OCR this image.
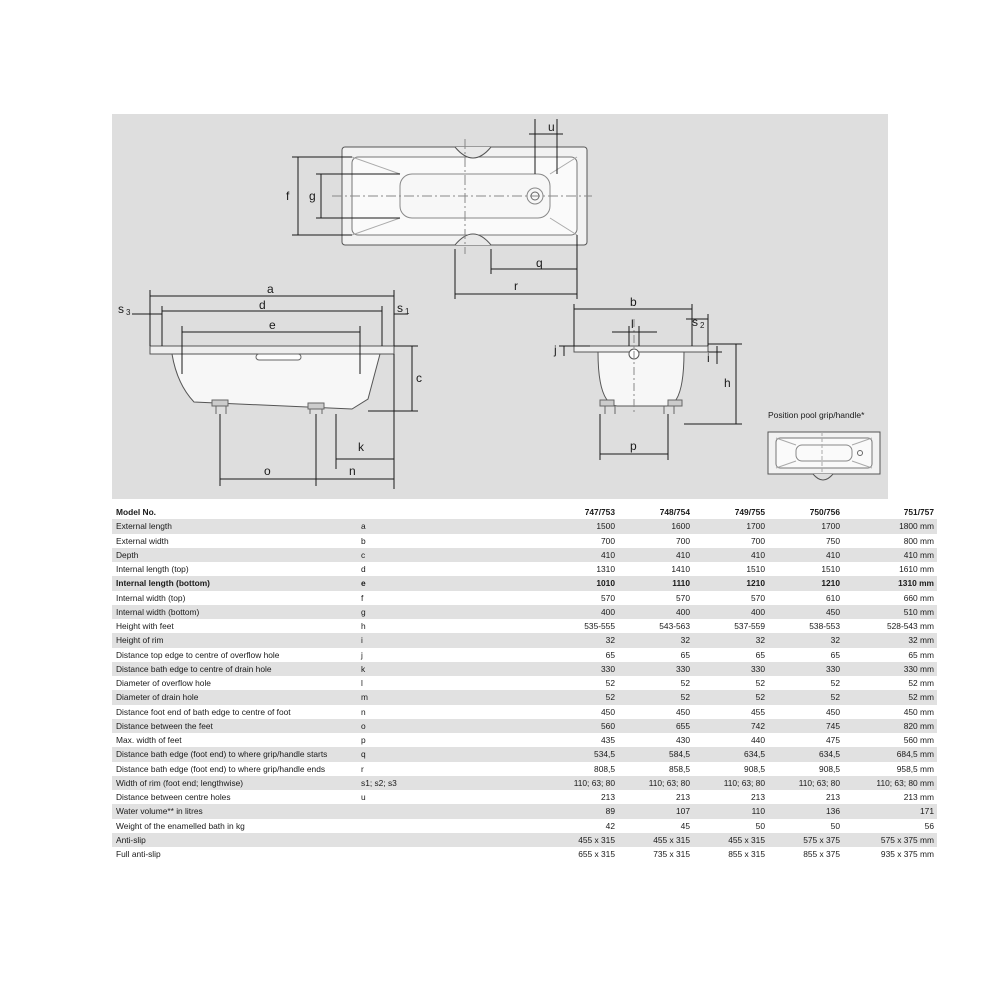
u
f g
q
r
a
d
e
s 3	s 1
c
k
o	n
b
l	s 2
j
i
h
p
Position pool grip/handle*
Model No.		747/753	748/754	749/755	750/756	751/757
External length	a	1500	1600	1700	1700	1800 mm
External width	b	700	700	700	750	800 mm
Depth	c	410	410	410	410	410 mm
Internal length (top)	d	1310	1410	1510	1510	1610 mm
Internal length (bottom)	e	1010	1110	1210	1210	1310 mm
Internal width (top)	f	570	570	570	610	660 mm
Internal width (bottom)	g	400	400	400	450	510 mm
Height with feet	h	535-555	543-563	537-559	538-553	528-543 mm
Height of rim	i	32	32	32	32	32 mm
Distance top edge to centre of overflow hole	j	65	65	65	65	65 mm
Distance bath edge to centre of drain hole	k	330	330	330	330	330 mm
Diameter of overflow hole	l	52	52	52	52	52 mm
Diameter of drain hole	m	52	52	52	52	52 mm
Distance foot end of bath edge to centre of foot	n	450	450	455	450	450 mm
Distance between the feet	o	560	655	742	745	820 mm
Max. width of feet	p	435	430	440	475	560 mm
Distance bath edge (foot end) to where grip/handle starts	q	534,5	584,5	634,5	634,5	684,5 mm
Distance bath edge (foot end) to where grip/handle ends	r	808,5	858,5	908,5	908,5	958,5 mm
Width of rim (foot end; lengthwise)	s1; s2; s3	110; 63; 80	110; 63; 80	110; 63; 80	110; 63; 80	110; 63; 80 mm
Distance between centre holes	u	213	213	213	213	213 mm
Water volume** in litres		89	107	110	136	171
Weight of the enamelled bath in kg		42	45	50	50	56
Anti-slip		455 x 315	455 x 315	455 x 315	575 x 375	575 x 375 mm
Full anti-slip		655 x 315	735 x 315	855 x 315	855 x 375	935 x 375 mm
